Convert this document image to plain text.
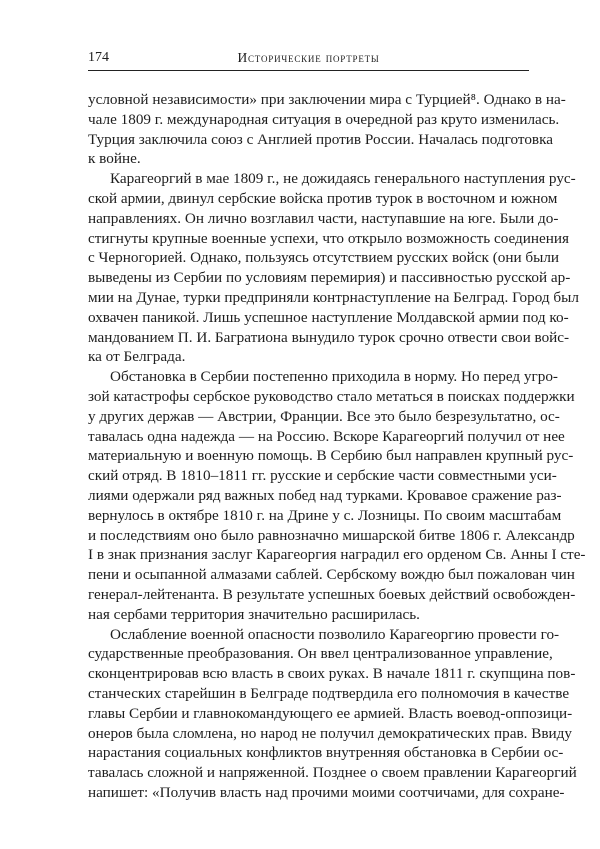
174	Исторические портреты
условной независимости» при заключении мира с Турцией⁸. Однако в на-
чале 1809 г. международная ситуация в очередной раз круто изменилась.
Турция заключила союз с Англией против России. Началась подготовка
к войне.
Карагеоргий в мае 1809 г., не дожидаясь генерального наступления рус-
ской армии, двинул сербские войска против турок в восточном и южном
направлениях. Он лично возглавил части, наступавшие на юге. Были до-
стигнуты крупные военные успехи, что открыло возможность соединения
с Черногорией. Однако, пользуясь отсутствием русских войск (они были
выведены из Сербии по условиям перемирия) и пассивностью русской ар-
мии на Дунае, турки предприняли контрнаступление на Белград. Город был
охвачен паникой. Лишь успешное наступление Молдавской армии под ко-
мандованием П. И. Багратиона вынудило турок срочно отвести свои войс-
ка от Белграда.
Обстановка в Сербии постепенно приходила в норму. Но перед угро-
зой катастрофы сербское руководство стало метаться в поисках поддержки
у других держав — Австрии, Франции. Все это было безрезультатно, ос-
тавалась одна надежда — на Россию. Вскоре Карагеоргий получил от нее
материальную и военную помощь. В Сербию был направлен крупный рус-
ский отряд. В 1810–1811 гг. русские и сербские части совместными уси-
лиями одержали ряд важных побед над турками. Кровавое сражение раз-
вернулось в октябре 1810 г. на Дрине у с. Лозницы. По своим масштабам
и последствиям оно было равнозначно мишарской битве 1806 г. Александр
I в знак признания заслуг Карагеоргия наградил его орденом Св. Анны I сте-
пени и осыпанной алмазами саблей. Сербскому вождю был пожалован чин
генерал-лейтенанта. В результате успешных боевых действий освобожден-
ная сербами территория значительно расширилась.
Ослабление военной опасности позволило Карагеоргию провести го-
сударственные преобразования. Он ввел централизованное управление,
сконцентрировав всю власть в своих руках. В начале 1811 г. скупщина пов-
станческих старейшин в Белграде подтвердила его полномочия в качестве
главы Сербии и главнокомандующего ее армией. Власть воевод-оппозици-
онеров была сломлена, но народ не получил демократических прав. Ввиду
нарастания социальных конфликтов внутренняя обстановка в Сербии ос-
тавалась сложной и напряженной. Позднее о своем правлении Карагеоргий
напишет: «Получив власть над прочими моими соотчичами, для сохране-
